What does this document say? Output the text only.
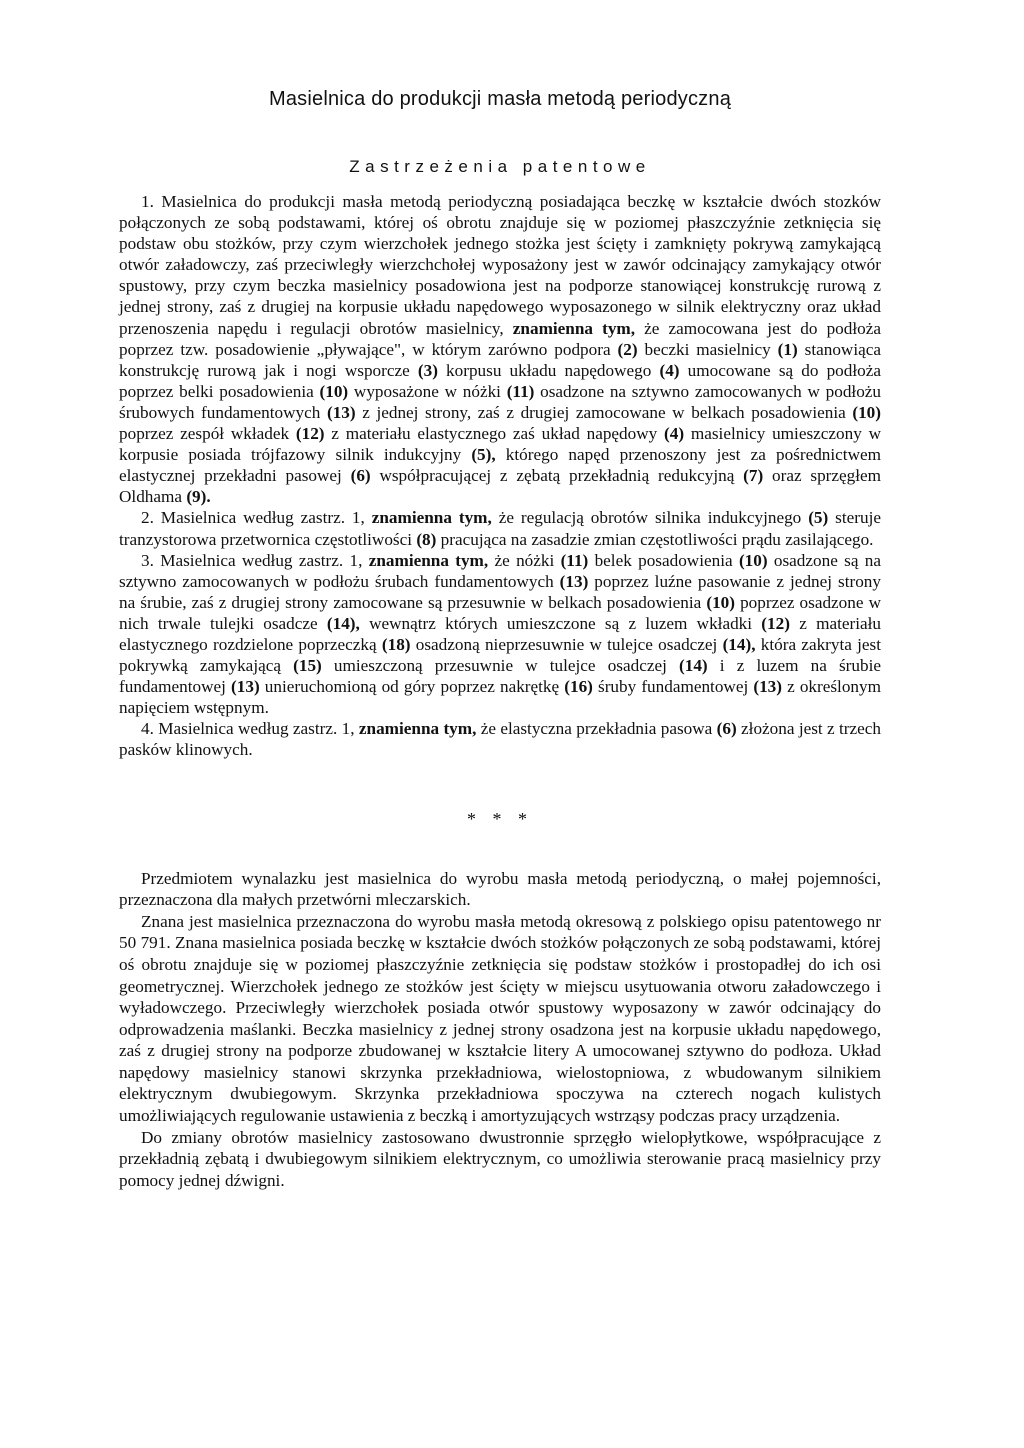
Masielnica do produkcji masła metodą periodyczną
Zastrzeżenia patentowe

1. Masielnica do produkcji masła metodą periodyczną posiadająca beczkę w kształcie dwóch stozków połączonych ze sobą podstawami, której oś obrotu znajduje się w poziomej płaszczyźnie zetknięcia się podstaw obu stożków, przy czym wierzchołek jednego stożka jest ścięty i zamknięty pokrywą zamykającą otwór załadowczy, zaś przeciwległy wierzchchołej wyposażony jest w zawór odcinający zamykający otwór spustowy, przy czym beczka masielnicy posadowiona jest na podporze stanowiącej konstrukcję rurową z jednej strony, zaś z drugiej na korpusie układu napędowego wyposazonego w silnik elektryczny oraz układ przenoszenia napędu i regulacji obrotów masielnicy, znamienna tym, że zamocowana jest do podłoża poprzez tzw. posadowienie „pływające", w którym zarówno podpora (2) beczki masielnicy (1) stanowiąca konstrukcję rurową jak i nogi wsporcze (3) korpusu układu napędowego (4) umocowane są do podłoża poprzez belki posadowienia (10) wyposażone w nóżki (11) osadzone na sztywno zamocowanych w podłożu śrubowych fundamentowych (13) z jednej strony, zaś z drugiej zamocowane w belkach posadowienia (10) poprzez zespół wkładek (12) z materiału elastycznego zaś układ napędowy (4) masielnicy umieszczony w korpusie posiada trójfazowy silnik indukcyjny (5), którego napęd przenoszony jest za pośrednictwem elastycznej przekładni pasowej (6) współpracującej z zębatą przekładnią redukcyjną (7) oraz sprzęgłem Oldhama (9).

2. Masielnica według zastrz. 1, znamienna tym, że regulacją obrotów silnika indukcyjnego (5) steruje tranzystorowa przetwornica częstotliwości (8) pracująca na zasadzie zmian częstotliwości prądu zasilającego.

3. Masielnica według zastrz. 1, znamienna tym, że nóżki (11) belek posadowienia (10) osadzone są na sztywno zamocowanych w podłożu śrubach fundamentowych (13) poprzez luźne pasowanie z jednej strony na śrubie, zaś z drugiej strony zamocowane są przesuwnie w belkach posadowienia (10) poprzez osadzone w nich trwale tulejki osadcze (14), wewnątrz których umieszczone są z luzem wkładki (12) z materiału elastycznego rozdzielone poprzeczką (18) osadzoną nieprzesuwnie w tulejce osadczej (14), która zakryta jest pokrywką zamykającą (15) umieszczoną przesuwnie w tulejce osadczej (14) i z luzem na śrubie fundamentowej (13) unieruchomioną od góry poprzez nakrętkę (16) śruby fundamentowej (13) z określonym napięciem wstępnym.

4. Masielnica według zastrz. 1, znamienna tym, że elastyczna przekładnia pasowa (6) złożona jest z trzech pasków klinowych.

* * *

Przedmiotem wynalazku jest masielnica do wyrobu masła metodą periodyczną, o małej pojemności, przeznaczona dla małych przetwórni mleczarskich.

Znana jest masielnica przeznaczona do wyrobu masła metodą okresową z polskiego opisu patentowego nr 50 791. Znana masielnica posiada beczkę w kształcie dwóch stożków połączonych ze sobą podstawami, której oś obrotu znajduje się w poziomej płaszczyźnie zetknięcia się podstaw stożków i prostopadłej do ich osi geometrycznej. Wierzchołek jednego ze stożków jest ścięty w miejscu usytuowania otworu załadowczego i wyładowczego. Przeciwległy wierzchołek posiada otwór spustowy wyposazony w zawór odcinający do odprowadzenia maślanki. Beczka masielnicy z jednej strony osadzona jest na korpusie układu napędowego, zaś z drugiej strony na podporze zbudowanej w kształcie litery A umocowanej sztywno do podłoza. Układ napędowy masielnicy stanowi skrzynka przekładniowa, wielostopniowa, z wbudowanym silnikiem elektrycznym dwubiegowym. Skrzynka przekładniowa spoczywa na czterech nogach kulistych umożliwiających regulowanie ustawienia z beczką i amortyzujących wstrząsy podczas pracy urządzenia.

Do zmiany obrotów masielnicy zastosowano dwustronnie sprzęgło wielopłytkowe, współpracujące z przekładnią zębatą i dwubiegowym silnikiem elektrycznym, co umożliwia sterowanie pracą masielnicy przy pomocy jednej dźwigni.
